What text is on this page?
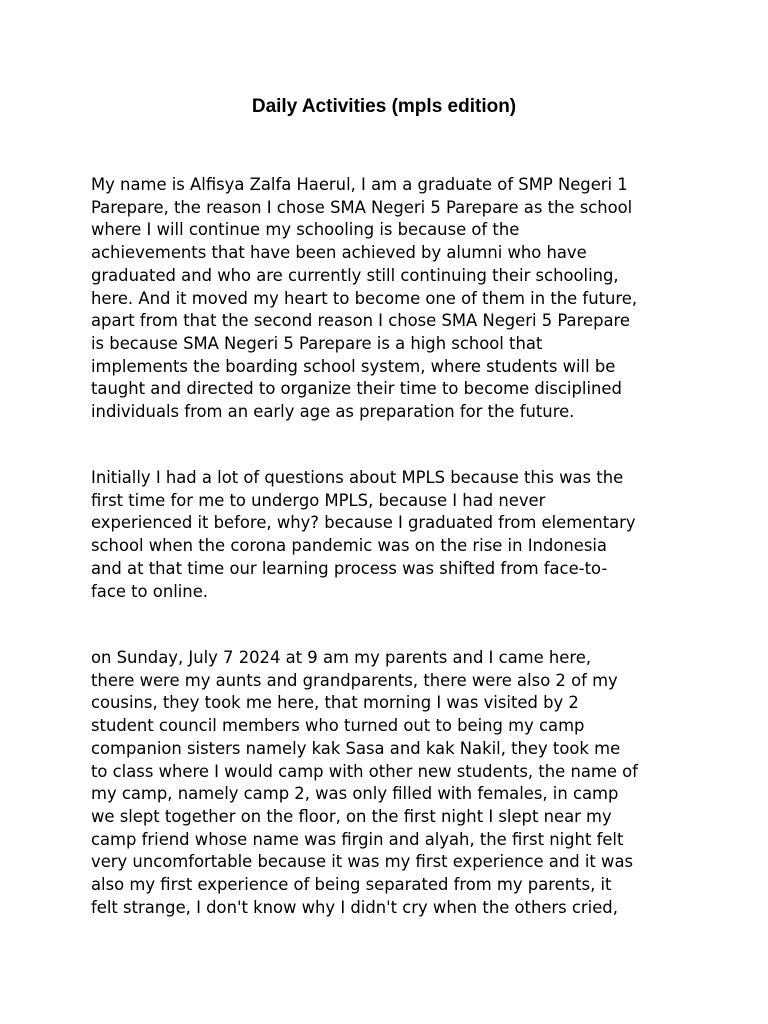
Daily Activities (mpls edition)

My name is Alfisya Zalfa Haerul, I am a graduate of SMP Negeri 1
Parepare, the reason I chose SMA Negeri 5 Parepare as the school
where I will continue my schooling is because of the
achievements that have been achieved by alumni who have
graduated and who are currently still continuing their schooling,
here. And it moved my heart to become one of them in the future,
apart from that the second reason I chose SMA Negeri 5 Parepare
is because SMA Negeri 5 Parepare is a high school that
implements the boarding school system, where students will be
taught and directed to organize their time to become disciplined
individuals from an early age as preparation for the future.

Initially I had a lot of questions about MPLS because this was the
first time for me to undergo MPLS, because I had never
experienced it before, why? because I graduated from elementary
school when the corona pandemic was on the rise in Indonesia
and at that time our learning process was shifted from face-to-
face to online.

on Sunday, July 7 2024 at 9 am my parents and I came here,
there were my aunts and grandparents, there were also 2 of my
cousins, they took me here, that morning I was visited by 2
student council members who turned out to being my camp
companion sisters namely kak Sasa and kak Nakil, they took me
to class where I would camp with other new students, the name of
my camp, namely camp 2, was only filled with females, in camp
we slept together on the floor, on the first night I slept near my
camp friend whose name was firgin and alyah, the first night felt
very uncomfortable because it was my first experience and it was
also my first experience of being separated from my parents, it
felt strange, I don't know why I didn't cry when the others cried,
